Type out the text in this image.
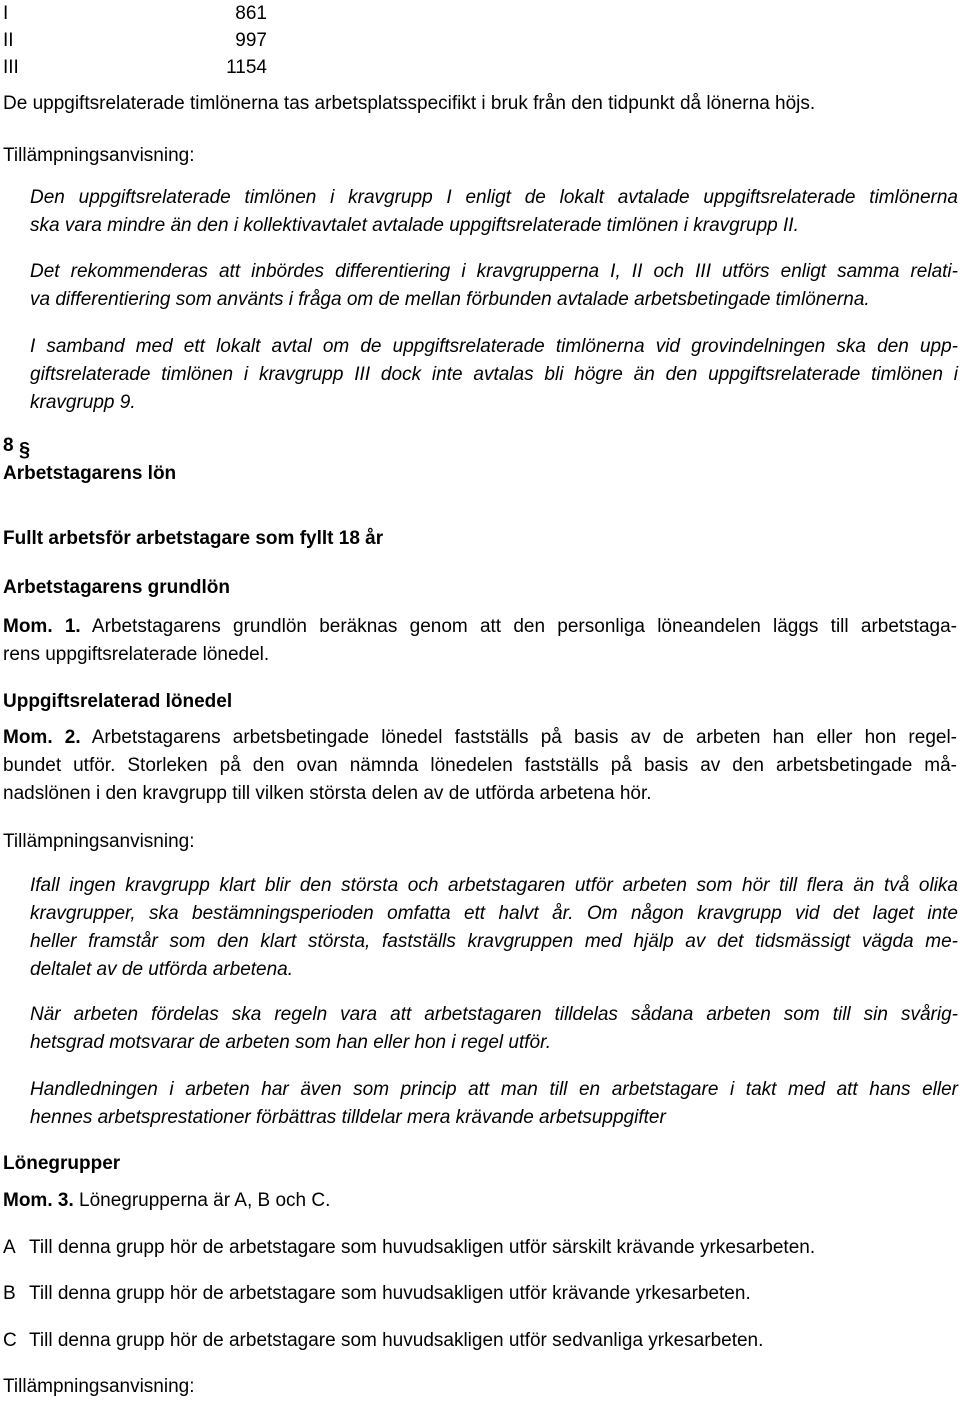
I	861
II	997
III	1154
De uppgiftsrelaterade timlönerna tas arbetsplatsspecifikt i bruk från den tidpunkt då lönerna höjs.
Tillämpningsanvisning:
Den uppgiftsrelaterade timlönen i kravgrupp I enligt de lokalt avtalade uppgiftsrelaterade timlönerna
ska vara mindre än den i kollektivavtalet avtalade uppgiftsrelaterade timlönen i kravgrupp II.
Det rekommenderas att inbördes differentiering i kravgrupperna I, II och III utförs enligt samma relati-
va differentiering som använts i fråga om de mellan förbunden avtalade arbetsbetingade timlönerna.
I samband med ett lokalt avtal om de uppgiftsrelaterade timlönerna vid grovindelningen ska den upp-
giftsrelaterade timlönen i kravgrupp III dock inte avtalas bli högre än den uppgiftsrelaterade timlönen i
kravgrupp 9.
8 §
Arbetstagarens lön
Fullt arbetsför arbetstagare som fyllt 18 år
Arbetstagarens grundlön
Mom. 1. Arbetstagarens grundlön beräknas genom att den personliga löneandelen läggs till arbetstaga-
rens uppgiftsrelaterade lönedel.
Uppgiftsrelaterad lönedel
Mom. 2. Arbetstagarens arbetsbetingade lönedel fastställs på basis av de arbeten han eller hon regel-
bundet utför. Storleken på den ovan nämnda lönedelen fastställs på basis av den arbetsbetingade må-
nadslönen i den kravgrupp till vilken största delen av de utförda arbetena hör.
Tillämpningsanvisning:
Ifall ingen kravgrupp klart blir den största och arbetstagaren utför arbeten som hör till flera än två olika
kravgrupper, ska bestämningsperioden omfatta ett halvt år. Om någon kravgrupp vid det laget inte
heller framstår som den klart största, fastställs kravgruppen med hjälp av det tidsmässigt vägda me-
deltalet av de utförda arbetena.
När arbeten fördelas ska regeln vara att arbetstagaren tilldelas sådana arbeten som till sin svårig-
hetsgrad motsvarar de arbeten som han eller hon i regel utför.
Handledningen i arbeten har även som princip att man till en arbetstagare i takt med att hans eller
hennes arbetsprestationer förbättras tilldelar mera krävande arbetsuppgifter
Lönegrupper
Mom. 3. Lönegrupperna är A, B och C.
A Till denna grupp hör de arbetstagare som huvudsakligen utför särskilt krävande yrkesarbeten.
B Till denna grupp hör de arbetstagare som huvudsakligen utför krävande yrkesarbeten.
C Till denna grupp hör de arbetstagare som huvudsakligen utför sedvanliga yrkesarbeten.
Tillämpningsanvisning:
